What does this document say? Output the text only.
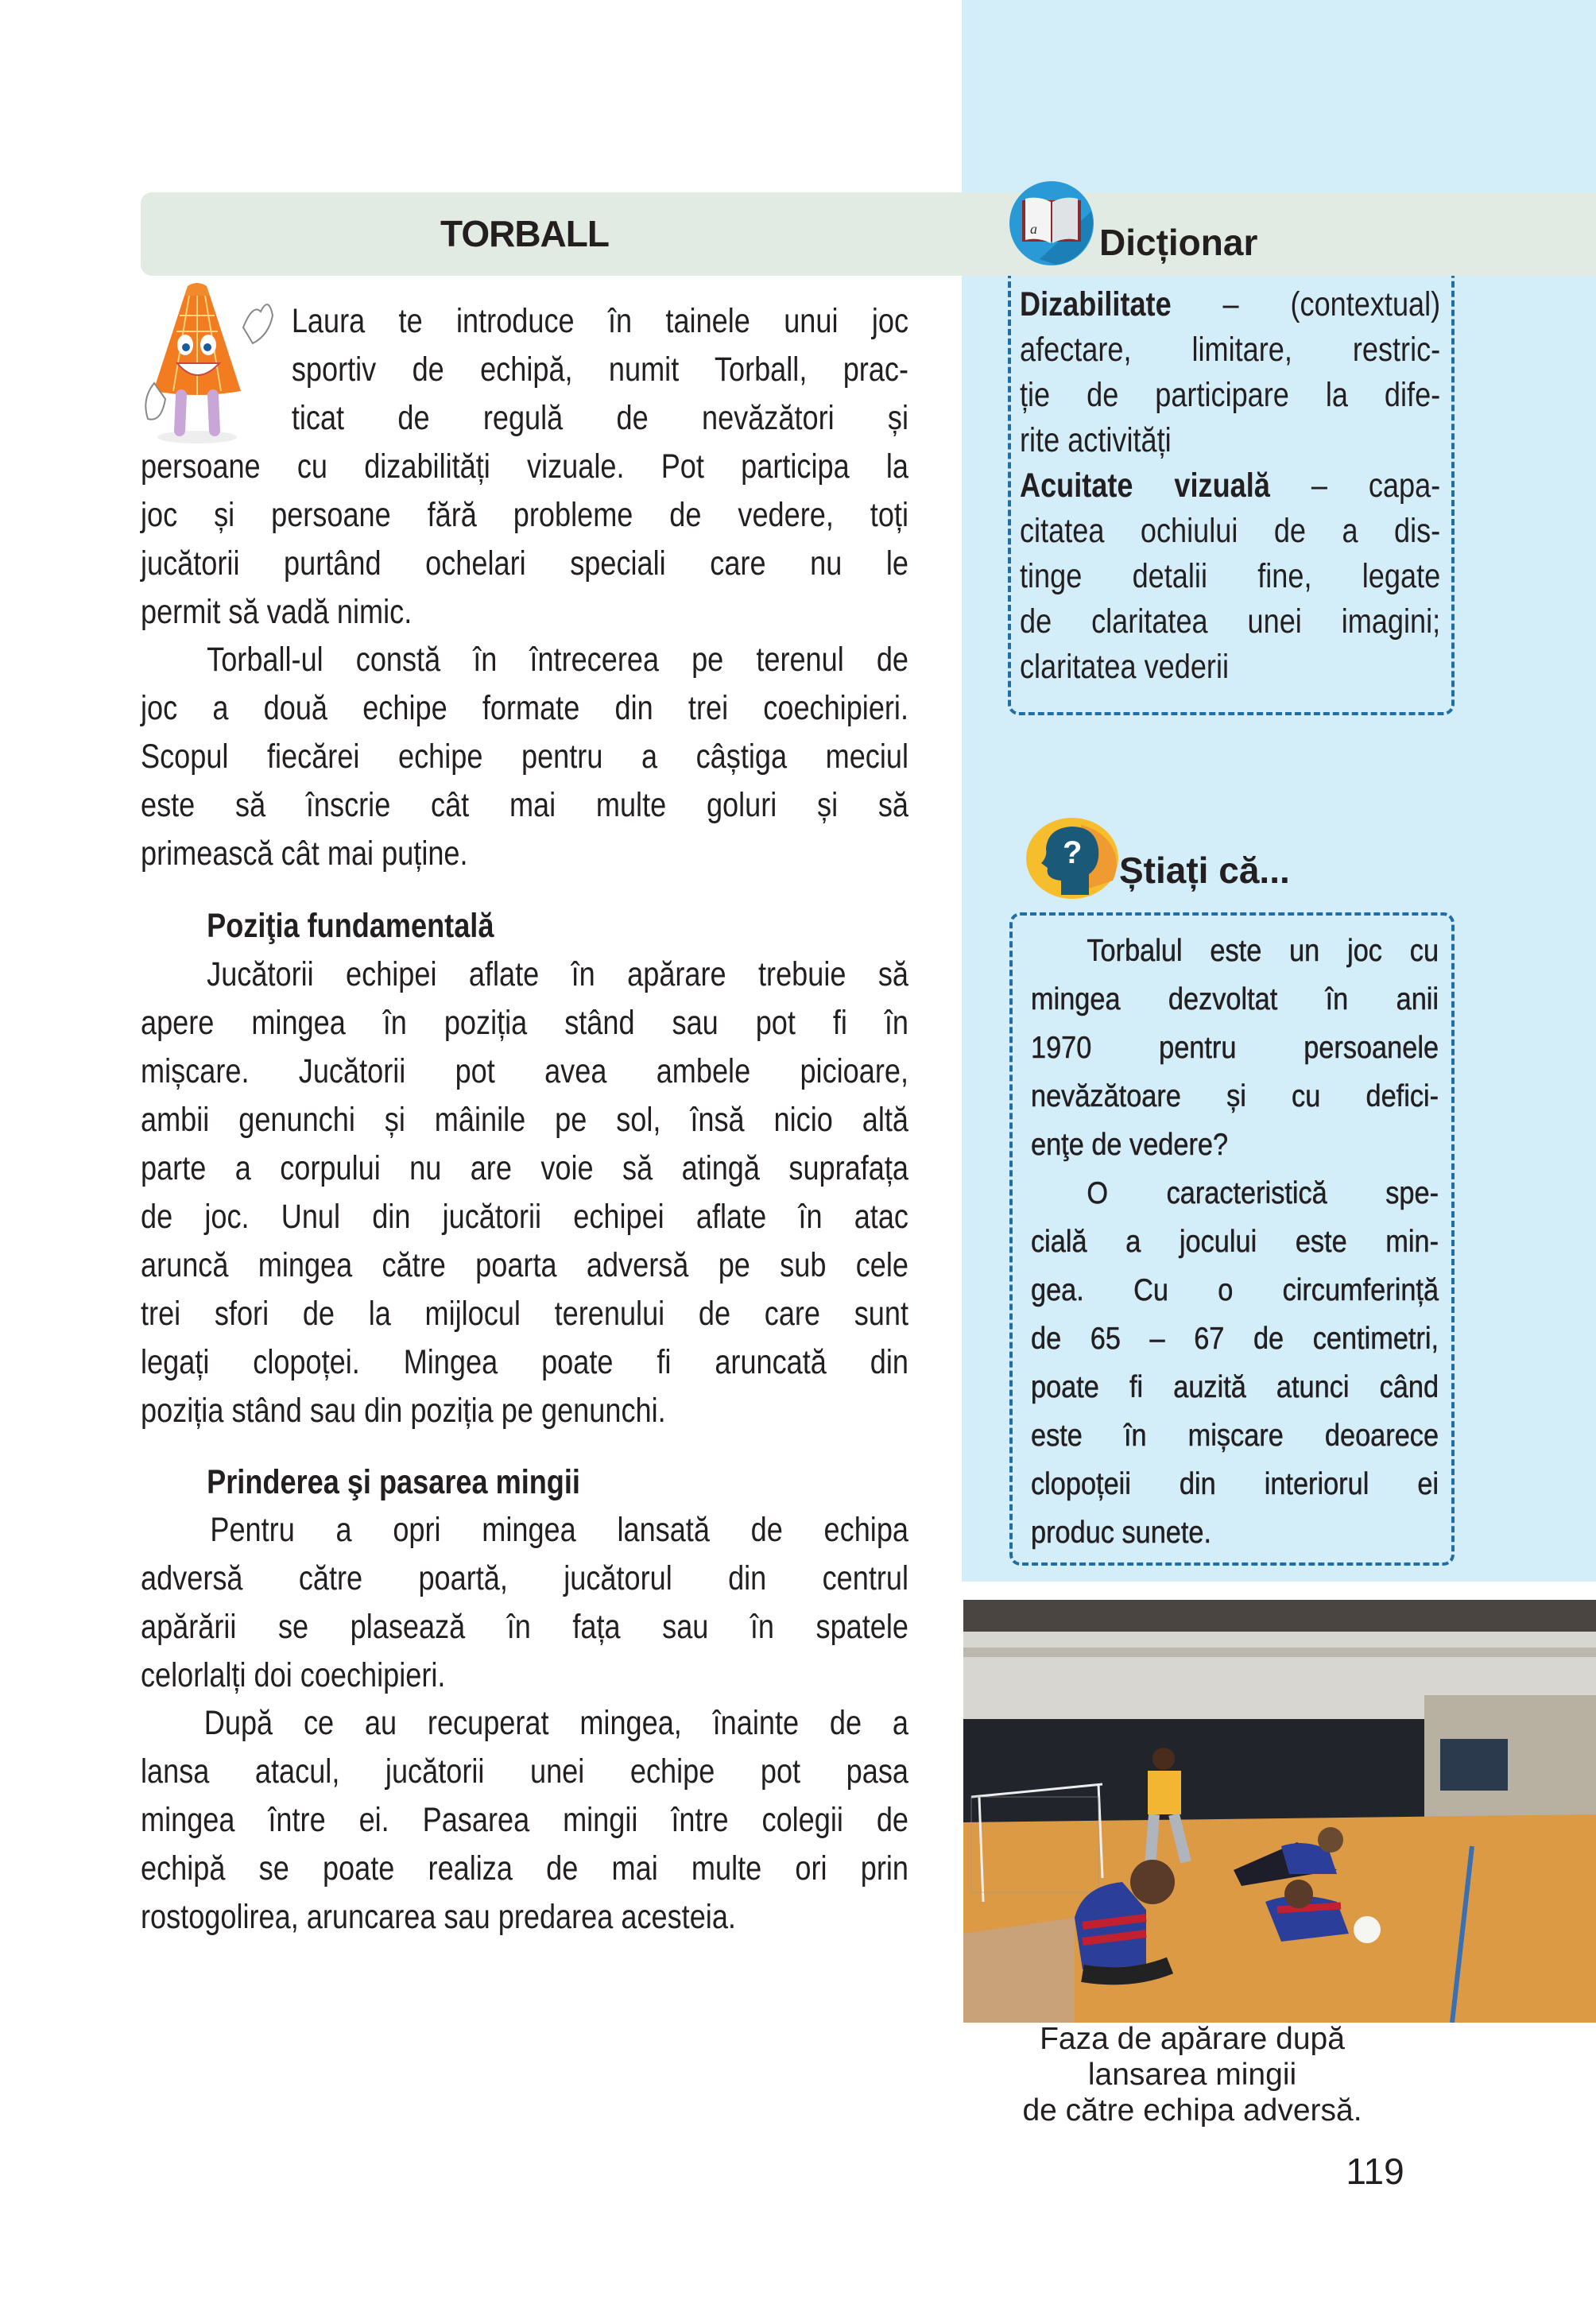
TORBALL
Laura te introduce în tainele unui joc
sportiv de echipă, numit Torball, prac-
ticat de regulă de nevăzători și
persoane cu dizabilități vizuale. Pot participa la
joc și persoane fără probleme de vedere, toți
jucătorii purtând ochelari speciali care nu le
permit să vadă nimic.
Torball-ul constă în întrecerea pe terenul de
joc a două echipe formate din trei coechipieri.
Scopul fiecărei echipe pentru a câștiga meciul
este să înscrie cât mai multe goluri și să
primească cât mai puține.
Poziţia fundamentală
Jucătorii echipei aflate în apărare trebuie să
apere mingea în poziția stând sau pot fi în
mișcare. Jucătorii pot avea ambele picioare,
ambii genunchi și mâinile pe sol, însă nicio altă
parte a corpului nu are voie să atingă suprafața
de joc. Unul din jucătorii echipei aflate în atac
aruncă mingea către poarta adversă pe sub cele
trei sfori de la mijlocul terenului de care sunt
legați clopoței. Mingea poate fi aruncată din
poziția stând sau din poziția pe genunchi.
Prinderea şi pasarea mingii
Pentru a opri mingea lansată de echipa
adversă către poartă, jucătorul din centrul
apărării se plasează în fața sau în spatele
celorlalți doi coechipieri.
După ce au recuperat mingea, înainte de a
lansa atacul, jucătorii unei echipe pot pasa
mingea între ei. Pasarea mingii între colegii de
echipă se poate realiza de mai multe ori prin
rostogolirea, aruncarea sau predarea acesteia.
a Dicționar
Dizabilitate – (contextual)
afectare, limitare, restric-
ție de participare la dife-
rite activități
Acuitate vizuală – capa-
citatea ochiului de a dis-
tinge detalii fine, legate
de claritatea unei imagini;
claritatea vederii
? Știați că...
Torbalul este un joc cu
mingea dezvoltat în anii
1970 pentru persoanele
nevăzătoare și cu defici-
enţe de vedere?
O caracteristică spe-
cială a jocului este min-
gea. Cu o circumferință
de 65 – 67 de centimetri,
poate fi auzită atunci când
este în mișcare deoarece
clopoțeii din interiorul ei
produc sunete.
Faza de apărare după
lansarea mingii
de către echipa adversă.
119
